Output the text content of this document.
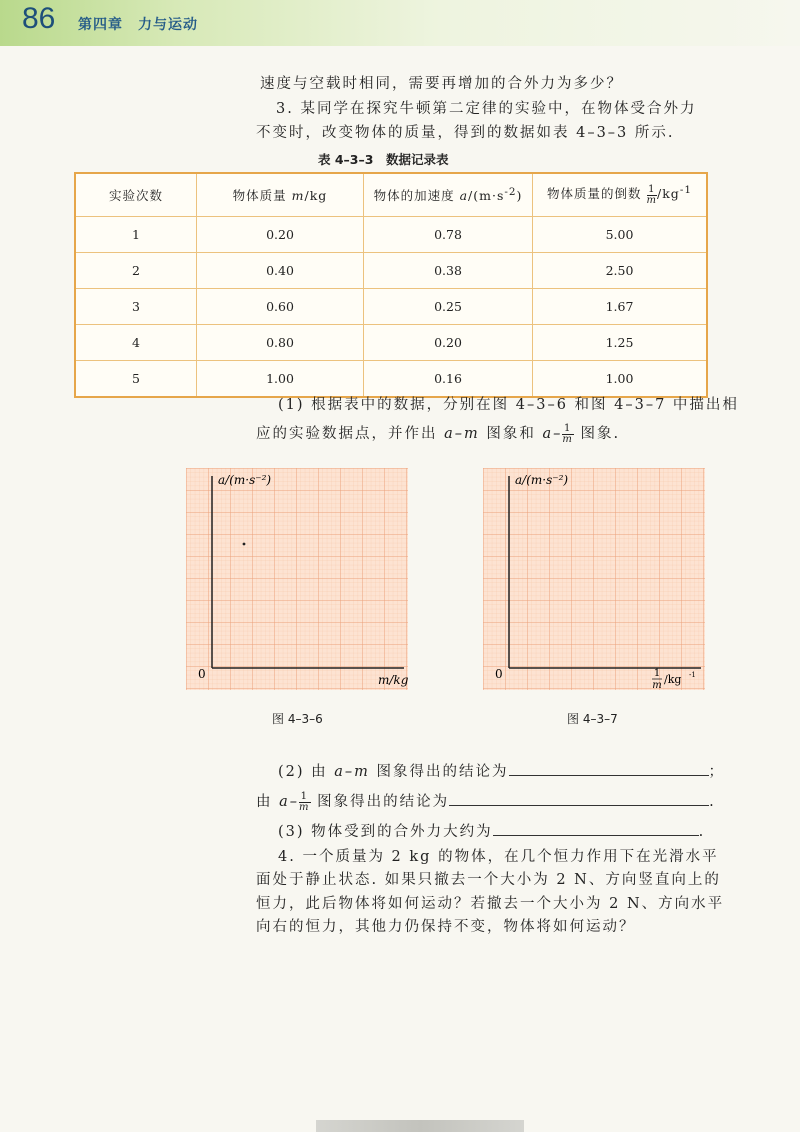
86 第四章　力与运动
速度与空载时相同，需要再增加的合外力为多少？
3. 某同学在探究牛顿第二定律的实验中，在物体受合外力
不变时，改变物体的质量，得到的数据如表 4–3–3 所示.
表 4–3–3　数据记录表
实验次数	物体质量 m/kg	物体的加速度 $a/(m\cdot s^{-2})$	物体质量的倒数 $\frac{1}{m} /kg^{-1}$
1	0.20	0.78	5.00
2	0.40	0.38	2.50
3	0.60	0.25	1.67
4	0.80	0.20	1.25
5	1.00	0.16	1.00
(1) 根据表中的数据，分别在图 4–3–6 和图 4–3–7 中描出相
应的实验数据点，并作出 a–m 图象和 $a- \frac{1}{m}$ 图象.
a/(m·s⁻²)
0	m/kg
图 4–3–6
a/(m·s⁻²)
0	1
m /kg -1
图 4–3–7
(2) 由 a–m 图象得出的结论为	；
由 $a- \frac{1}{m}$ 图象得出的结论为	.
(3) 物体受到的合外力大约为	.
4. 一个质量为 2 kg 的物体，在几个恒力作用下在光滑水平
面处于静止状态. 如果只撤去一个大小为 2 N、方向竖直向上的
恒力，此后物体将如何运动？若撤去一个大小为 2 N、方向水平
向右的恒力，其他力仍保持不变，物体将如何运动？
